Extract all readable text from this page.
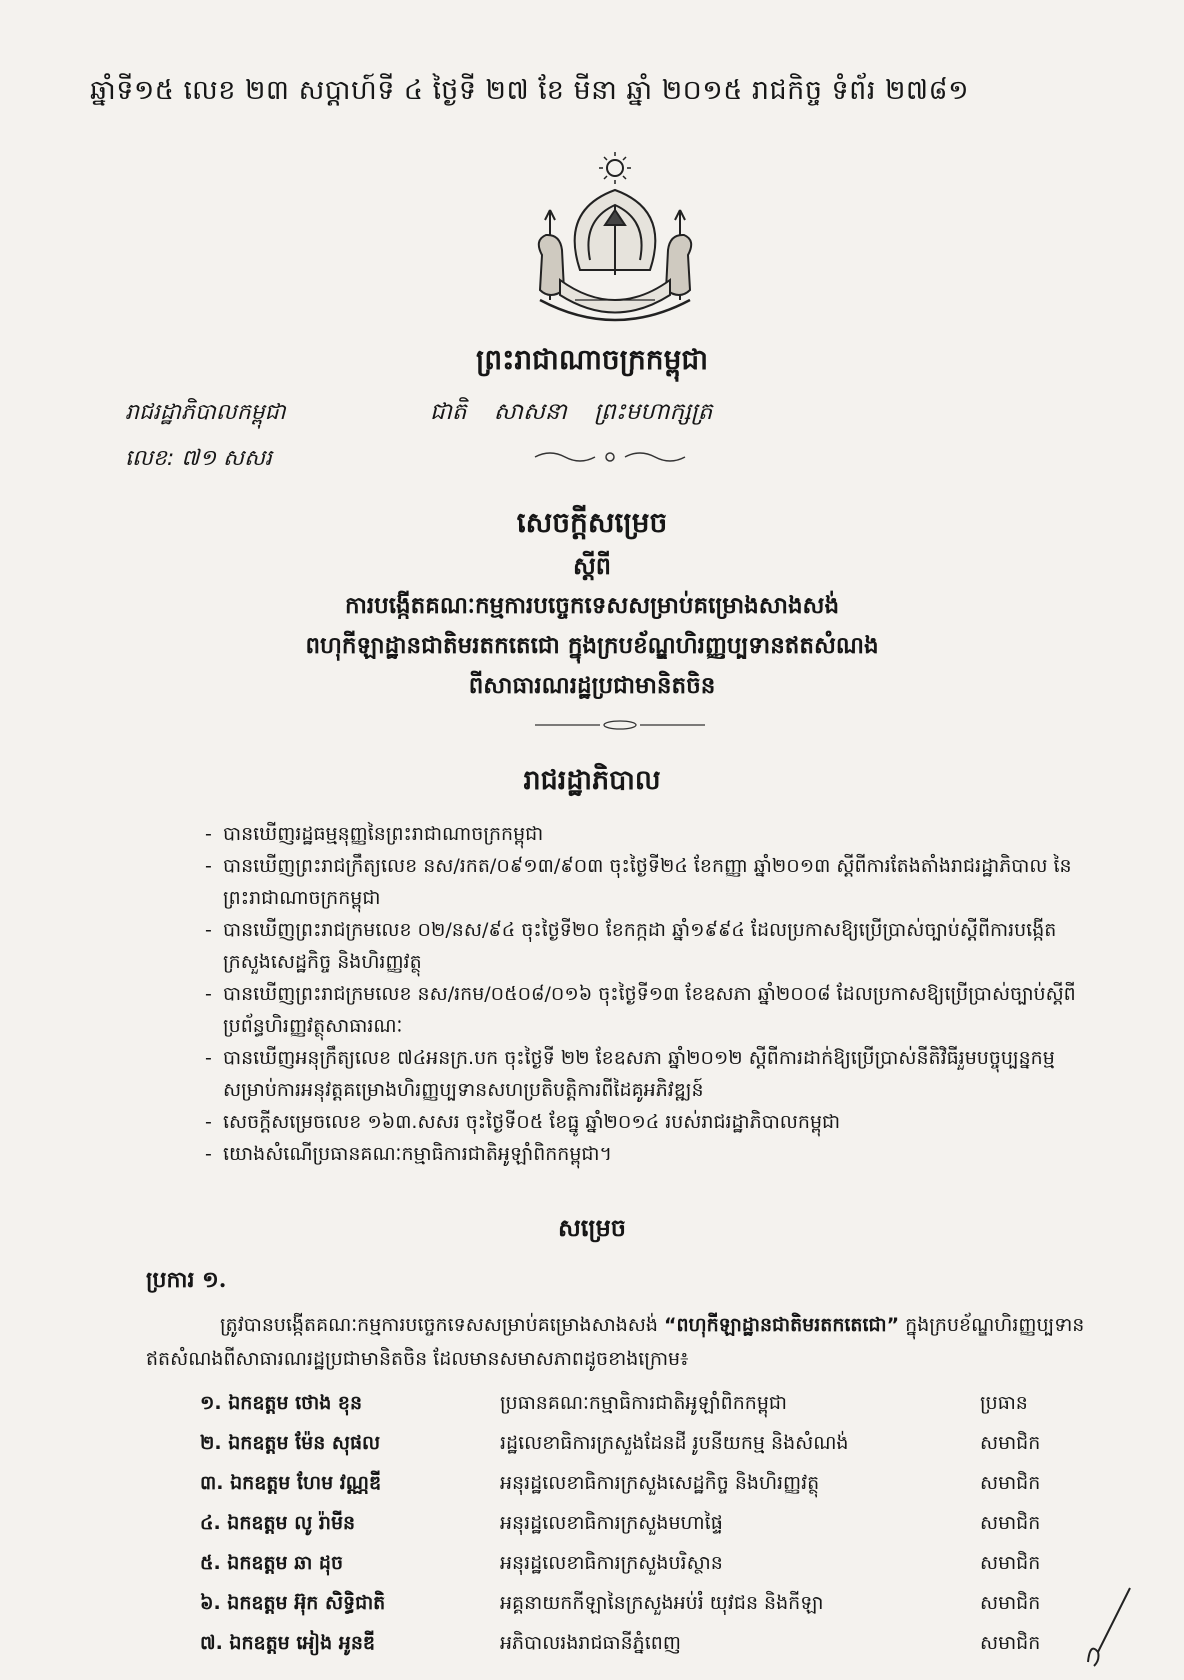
ឆ្នាំទី១៥ លេខ ២៣ សប្តាហ៍ទី ៤ ថ្ងៃទី ២៧ ខែ មីនា ឆ្នាំ ២០១៥ រាជកិច្ច ទំព័រ ២៧៨១
ព្រះរាជាណាចក្រកម្ពុជា
រាជរដ្ឋាភិបាលកម្ពុជា
លេខ: ៧១ សសរ
ជាតិ សាសនា ព្រះមហាក្សត្រ
សេចក្តីសម្រេច
ស្តីពី
ការបង្កើតគណៈកម្មការបច្ចេកទេសសម្រាប់គម្រោងសាងសង់
ពហុកីឡាដ្ឋានជាតិមរតកតេជោ ក្នុងក្របខ័ណ្ឌហិរញ្ញប្បទានឥតសំណង
ពីសាធារណរដ្ឋប្រជាមានិតចិន
រាជរដ្ឋាភិបាល
- បានឃើញរដ្ឋធម្មនុញ្ញនៃព្រះរាជាណាចក្រកម្ពុជា
- បានឃើញព្រះរាជក្រឹត្យលេខ នស/រកត/០៩១៣/៩០៣ ចុះថ្ងៃទី២៤ ខែកញ្ញា ឆ្នាំ២០១៣ ស្តីពីការតែងតាំងរាជរដ្ឋាភិបាល នៃព្រះរាជាណាចក្រកម្ពុជា
- បានឃើញព្រះរាជក្រមលេខ ០២/នស/៩៤ ចុះថ្ងៃទី២០ ខែកក្កដា ឆ្នាំ១៩៩៤ ដែលប្រកាសឱ្យប្រើប្រាស់ច្បាប់ស្តីពីការបង្កើតក្រសួងសេដ្ឋកិច្ច និងហិរញ្ញវត្ថុ
- បានឃើញព្រះរាជក្រមលេខ នស/រកម/០៥០៨/០១៦ ចុះថ្ងៃទី១៣ ខែឧសភា ឆ្នាំ២០០៨ ដែលប្រកាសឱ្យប្រើប្រាស់ច្បាប់ស្តីពីប្រព័ន្ធហិរញ្ញវត្ថុសាធារណៈ
- បានឃើញអនុក្រឹត្យលេខ ៧៤អនក្រ.បក ចុះថ្ងៃទី ២២ ខែឧសភា ឆ្នាំ២០១២ ស្តីពីការដាក់ឱ្យប្រើប្រាស់នីតិវិធីរួមបច្ចុប្បន្នកម្មសម្រាប់ការអនុវត្តគម្រោងហិរញ្ញប្បទានសហប្រតិបត្តិការពីដៃគូអភិវឌ្ឍន៍
- សេចក្តីសម្រេចលេខ ១៦៣.សសរ ចុះថ្ងៃទី០៥ ខែធ្នូ ឆ្នាំ២០១៤ របស់រាជរដ្ឋាភិបាលកម្ពុជា
- យោងសំណើប្រធានគណៈកម្មាធិការជាតិអូឡាំពិកកម្ពុជា។
សម្រេច
ប្រការ ១.
ត្រូវបានបង្កើតគណៈកម្មការបច្ចេកទេសសម្រាប់គម្រោងសាងសង់ “ពហុកីឡាដ្ឋានជាតិមរតកតេជោ” ក្នុងក្របខ័ណ្ឌហិរញ្ញប្បទានឥតសំណងពីសាធារណរដ្ឋប្រជាមានិតចិន ដែលមានសមាសភាពដូចខាងក្រោម៖
១. ឯកឧត្តម ថោង ខុន	ប្រធានគណៈកម្មាធិការជាតិអូឡាំពិកកម្ពុជា	ប្រធាន
២. ឯកឧត្តម ម៉ែន សុផល	រដ្ឋលេខាធិការក្រសួងដែនដី រូបនីយកម្ម និងសំណង់	សមាជិក
៣. ឯកឧត្តម ហែម វណ្ណឌី	អនុរដ្ឋលេខាធិការក្រសួងសេដ្ឋកិច្ច និងហិរញ្ញវត្ថុ	សមាជិក
៤. ឯកឧត្តម លូ រ៉ាមីន	អនុរដ្ឋលេខាធិការក្រសួងមហាផ្ទៃ	សមាជិក
៥. ឯកឧត្តម ឆា ដុច	អនុរដ្ឋលេខាធិការក្រសួងបរិស្ថាន	សមាជិក
៦. ឯកឧត្តម អ៊ុក សិទ្ធិជាតិ	អគ្គនាយកកីឡានៃក្រសួងអប់រំ យុវជន និងកីឡា	សមាជិក
៧. ឯកឧត្តម អៀង អូនឌី	អភិបាលរងរាជធានីភ្នំពេញ	សមាជិក
